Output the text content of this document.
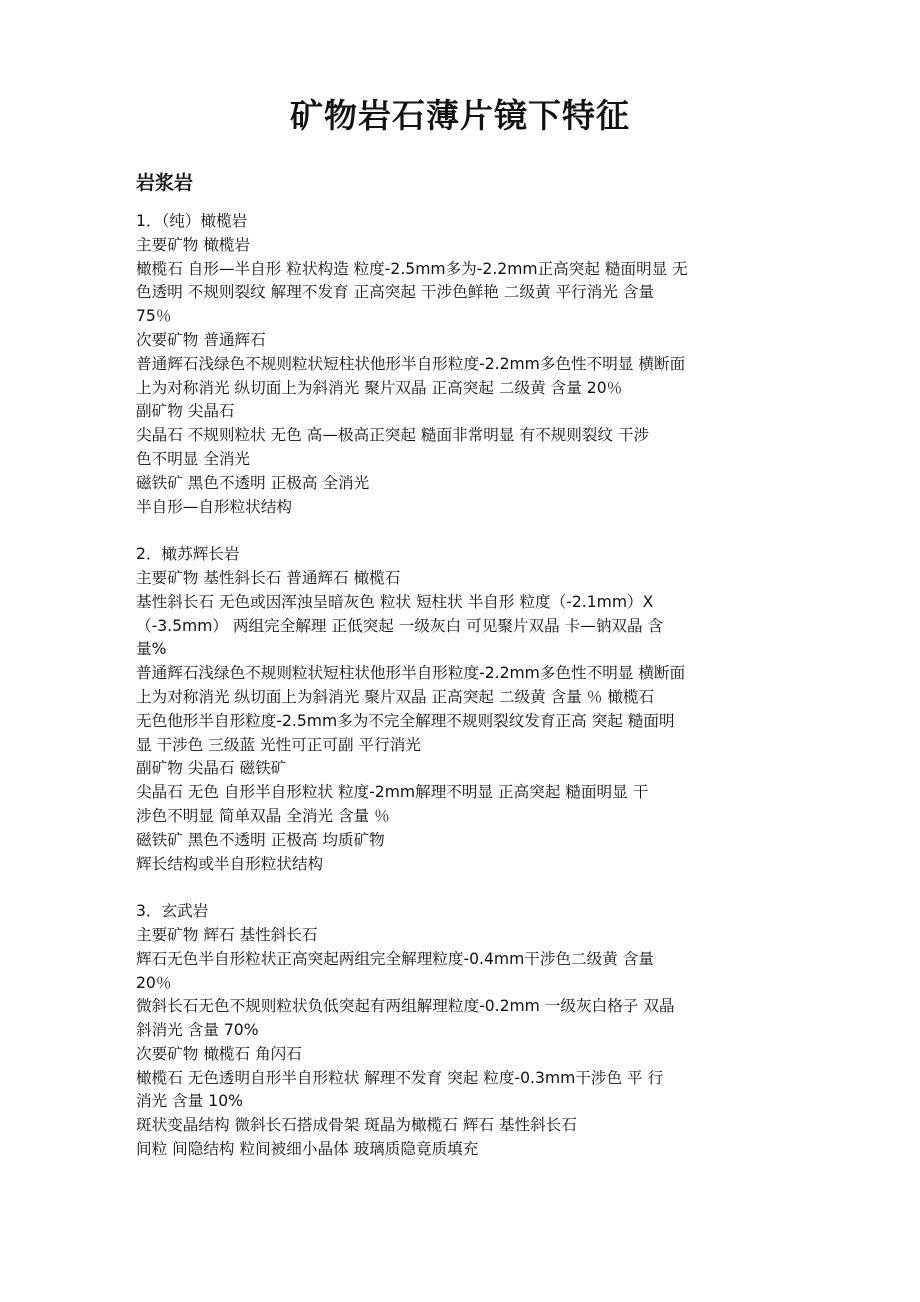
矿物岩石薄片镜下特征
岩浆岩
1．（纯）橄榄岩
主要矿物 橄榄岩
橄榄石 自形—半自形 粒状构造 粒度-2.5mm多为-2.2mm正高突起 糙面明显 无
色透明 不规则裂纹 解理不发育 正高突起 干涉色鲜艳 二级黄 平行消光 含量
75％
次要矿物 普通辉石
普通辉石浅绿色不规则粒状短柱状他形半自形粒度-2.2mm多色性不明显 横断面
上为对称消光 纵切面上为斜消光 聚片双晶 正高突起 二级黄 含量 20％
副矿物 尖晶石
尖晶石 不规则粒状 无色 高—极高正突起 糙面非常明显 有不规则裂纹 干涉
色不明显 全消光
磁铁矿 黑色不透明 正极高 全消光
半自形—自形粒状结构
2．橄苏辉长岩
主要矿物 基性斜长石 普通辉石 橄榄石
基性斜长石 无色或因浑浊呈暗灰色 粒状 短柱状 半自形 粒度（-2.1mm）X
（-3.5mm） 两组完全解理 正低突起 一级灰白 可见聚片双晶 卡—钠双晶 含
量%
普通辉石浅绿色不规则粒状短柱状他形半自形粒度-2.2mm多色性不明显 横断面
上为对称消光 纵切面上为斜消光 聚片双晶 正高突起 二级黄 含量 ％ 橄榄石
无色他形半自形粒度-2.5mm多为不完全解理不规则裂纹发育正高 突起 糙面明
显 干涉色 三级蓝 光性可正可副 平行消光
副矿物 尖晶石 磁铁矿
尖晶石 无色 自形半自形粒状 粒度-2mm解理不明显 正高突起 糙面明显 干
涉色不明显 简单双晶 全消光 含量 ％
磁铁矿 黑色不透明 正极高 均质矿物
辉长结构或半自形粒状结构
3．玄武岩
主要矿物 辉石 基性斜长石
辉石无色半自形粒状正高突起两组完全解理粒度-0.4mm干涉色二级黄 含量
20％
微斜长石无色不规则粒状负低突起有两组解理粒度-0.2mm 一级灰白格子 双晶
斜消光 含量 70%
次要矿物 橄榄石 角闪石
橄榄石 无色透明自形半自形粒状 解理不发育 突起 粒度-0.3mm干涉色 平 行
消光 含量 10%
斑状变晶结构 微斜长石搭成骨架 斑晶为橄榄石 辉石 基性斜长石
间粒 间隐结构 粒间被细小晶体 玻璃质隐竟质填充
